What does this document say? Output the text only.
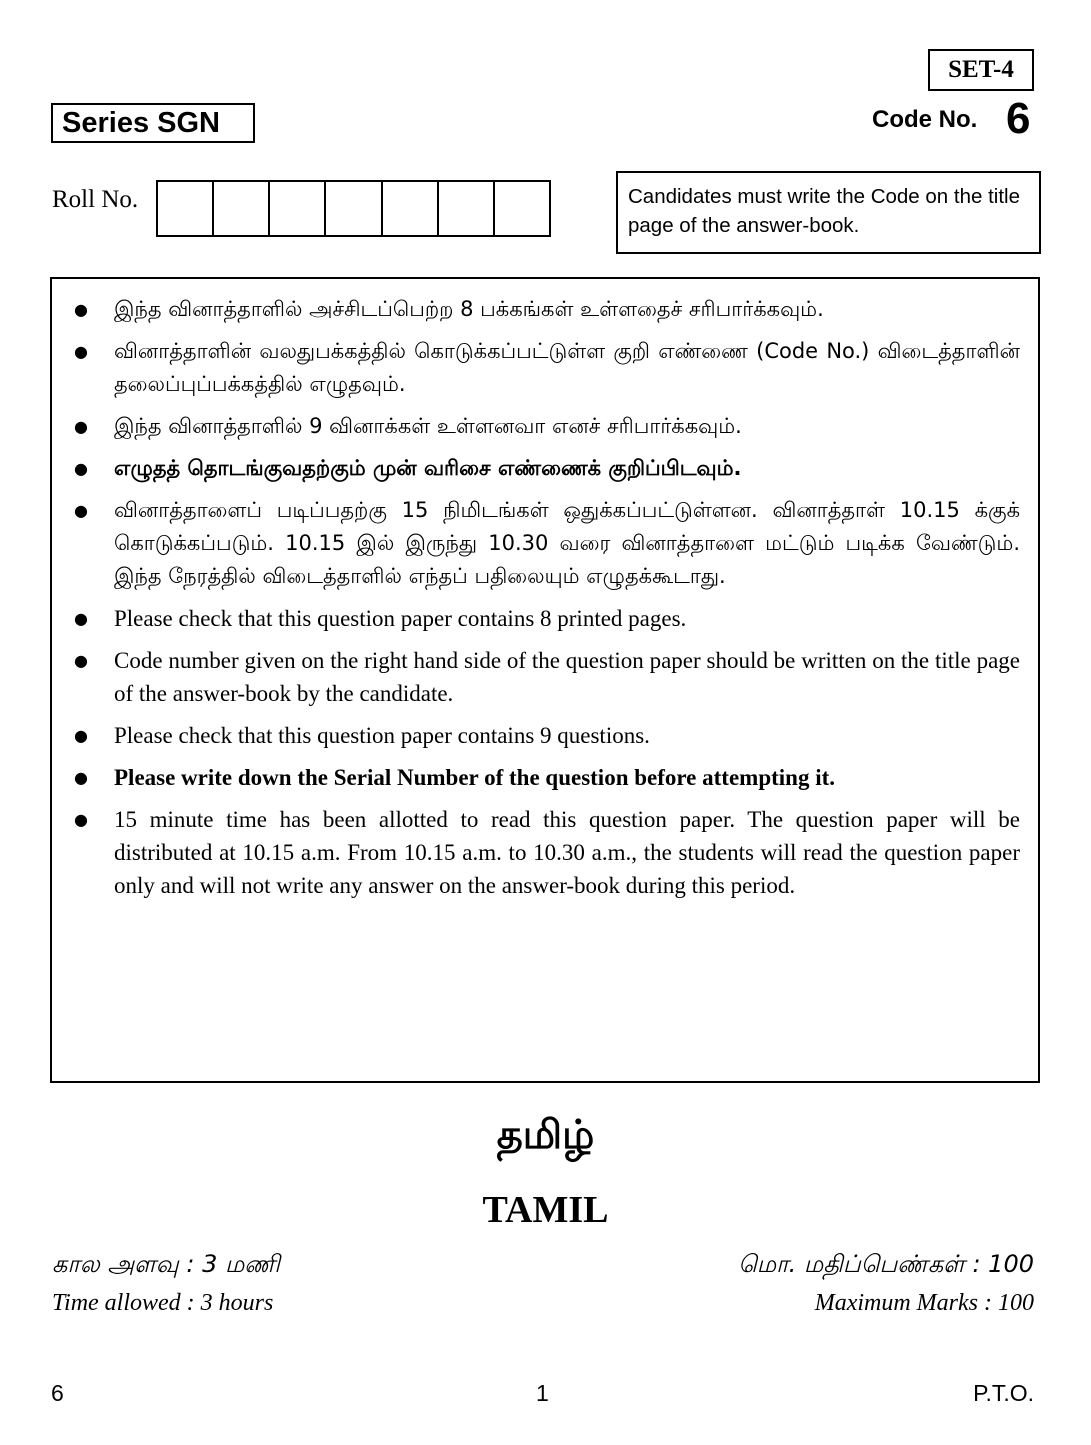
SET-4
Series SGN	Code No. 6
Roll No.	Candidates must write the Code on the title page of the answer-book.
● இந்த வினாத்தாளில் அச்சிடப்பெற்ற 8 பக்கங்கள் உள்ளதைச் சரிபார்க்கவும்.
● வினாத்தாளின் வலதுபக்கத்தில் கொடுக்கப்பட்டுள்ள குறி எண்ணை (Code No.) விடைத்தாளின் தலைப்புப்பக்கத்தில் எழுதவும்.
● இந்த வினாத்தாளில் 9 வினாக்கள் உள்ளனவா எனச் சரிபார்க்கவும்.
● எழுதத் தொடங்குவதற்கும் முன் வரிசை எண்ணைக் குறிப்பிடவும்.
● வினாத்தாளைப் படிப்பதற்கு 15 நிமிடங்கள் ஒதுக்கப்பட்டுள்ளன. வினாத்தாள் 10.15 க்குக் கொடுக்கப்படும். 10.15 இல் இருந்து 10.30 வரை வினாத்தாளை மட்டும் படிக்க வேண்டும். இந்த நேரத்தில் விடைத்தாளில் எந்தப் பதிலையும் எழுதக்கூடாது.
● Please check that this question paper contains 8 printed pages.
● Code number given on the right hand side of the question paper should be written on the title page of the answer-book by the candidate.
● Please check that this question paper contains 9 questions.
● Please write down the Serial Number of the question before attempting it.
● 15 minute time has been allotted to read this question paper. The question paper will be distributed at 10.15 a.m. From 10.15 a.m. to 10.30 a.m., the students will read the question paper only and will not write any answer on the answer-book during this period.
தமிழ்
TAMIL
கால அளவு : 3 மணி
Time allowed : 3 hours
மொ. மதிப்பெண்கள் : 100
Maximum Marks : 100
6	1	P.T.O.
